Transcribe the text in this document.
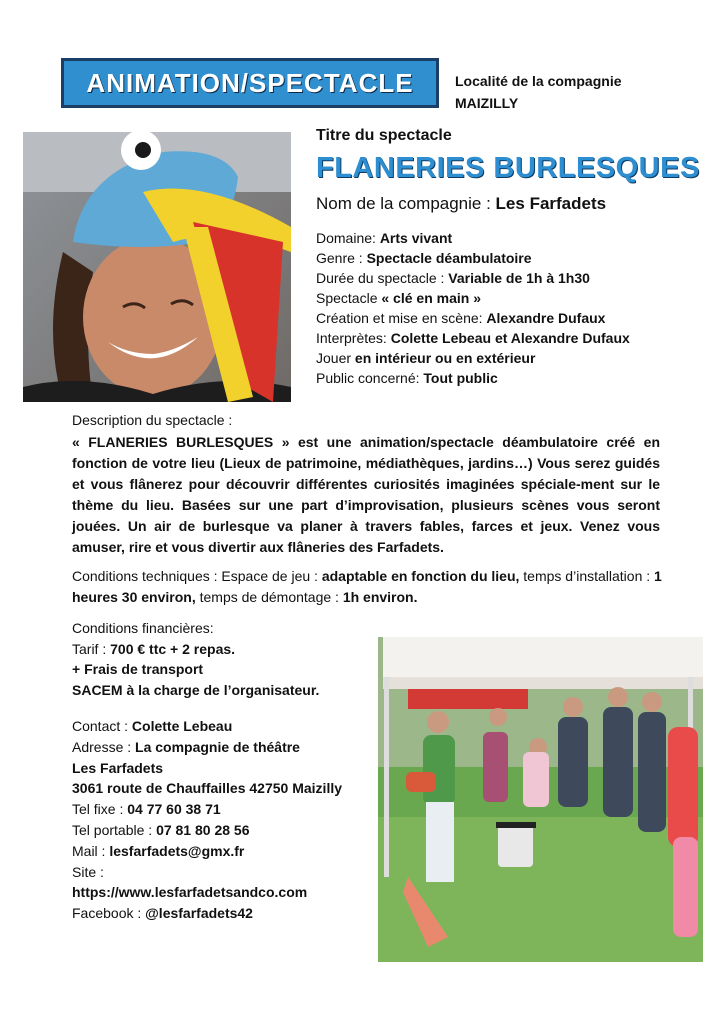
ANIMATION/SPECTACLE	Localité de la compagnie
MAIZILLY
Titre du spectacle
FLANERIES BURLESQUES
Nom de la compagnie : Les Farfadets
Domaine: Arts vivant
Genre : Spectacle déambulatoire
Durée du spectacle : Variable de 1h à 1h30
Spectacle « clé en main »
Création et mise en scène: Alexandre Dufaux
Interprètes: Colette Lebeau et Alexandre Dufaux
Jouer en intérieur ou en extérieur
Public concerné: Tout public
Description du spectacle :
« FLANERIES BURLESQUES » est une animation/spectacle déambulatoire créé en fonction de votre lieu (Lieux de patrimoine, médiathèques, jardins…) Vous serez guidés et vous flânerez pour découvrir différentes curiosités imaginées spéciale-ment sur le thème du lieu. Basées sur une part d’improvisation, plusieurs scènes vous seront jouées. Un air de burlesque va planer à travers fables, farces et jeux. Venez vous amuser, rire et vous divertir aux flâneries des Farfadets.
Conditions techniques : Espace de jeu : adaptable en fonction du lieu, temps d’installation : 1 heures 30 environ, temps de démontage : 1h environ.
Conditions financières:
Tarif : 700 € ttc + 2 repas.
+ Frais de transport
SACEM à la charge de l’organisateur.
Contact : Colette Lebeau
Adresse : La compagnie de théâtre
Les Farfadets
3061 route de Chauffailles 42750 Maizilly
Tel fixe : 04 77 60 38 71
Tel portable : 07 81 80 28 56
Mail : lesfarfadets@gmx.fr
Site :
https://www.lesfarfadetsandco.com
Facebook : @lesfarfadets42
